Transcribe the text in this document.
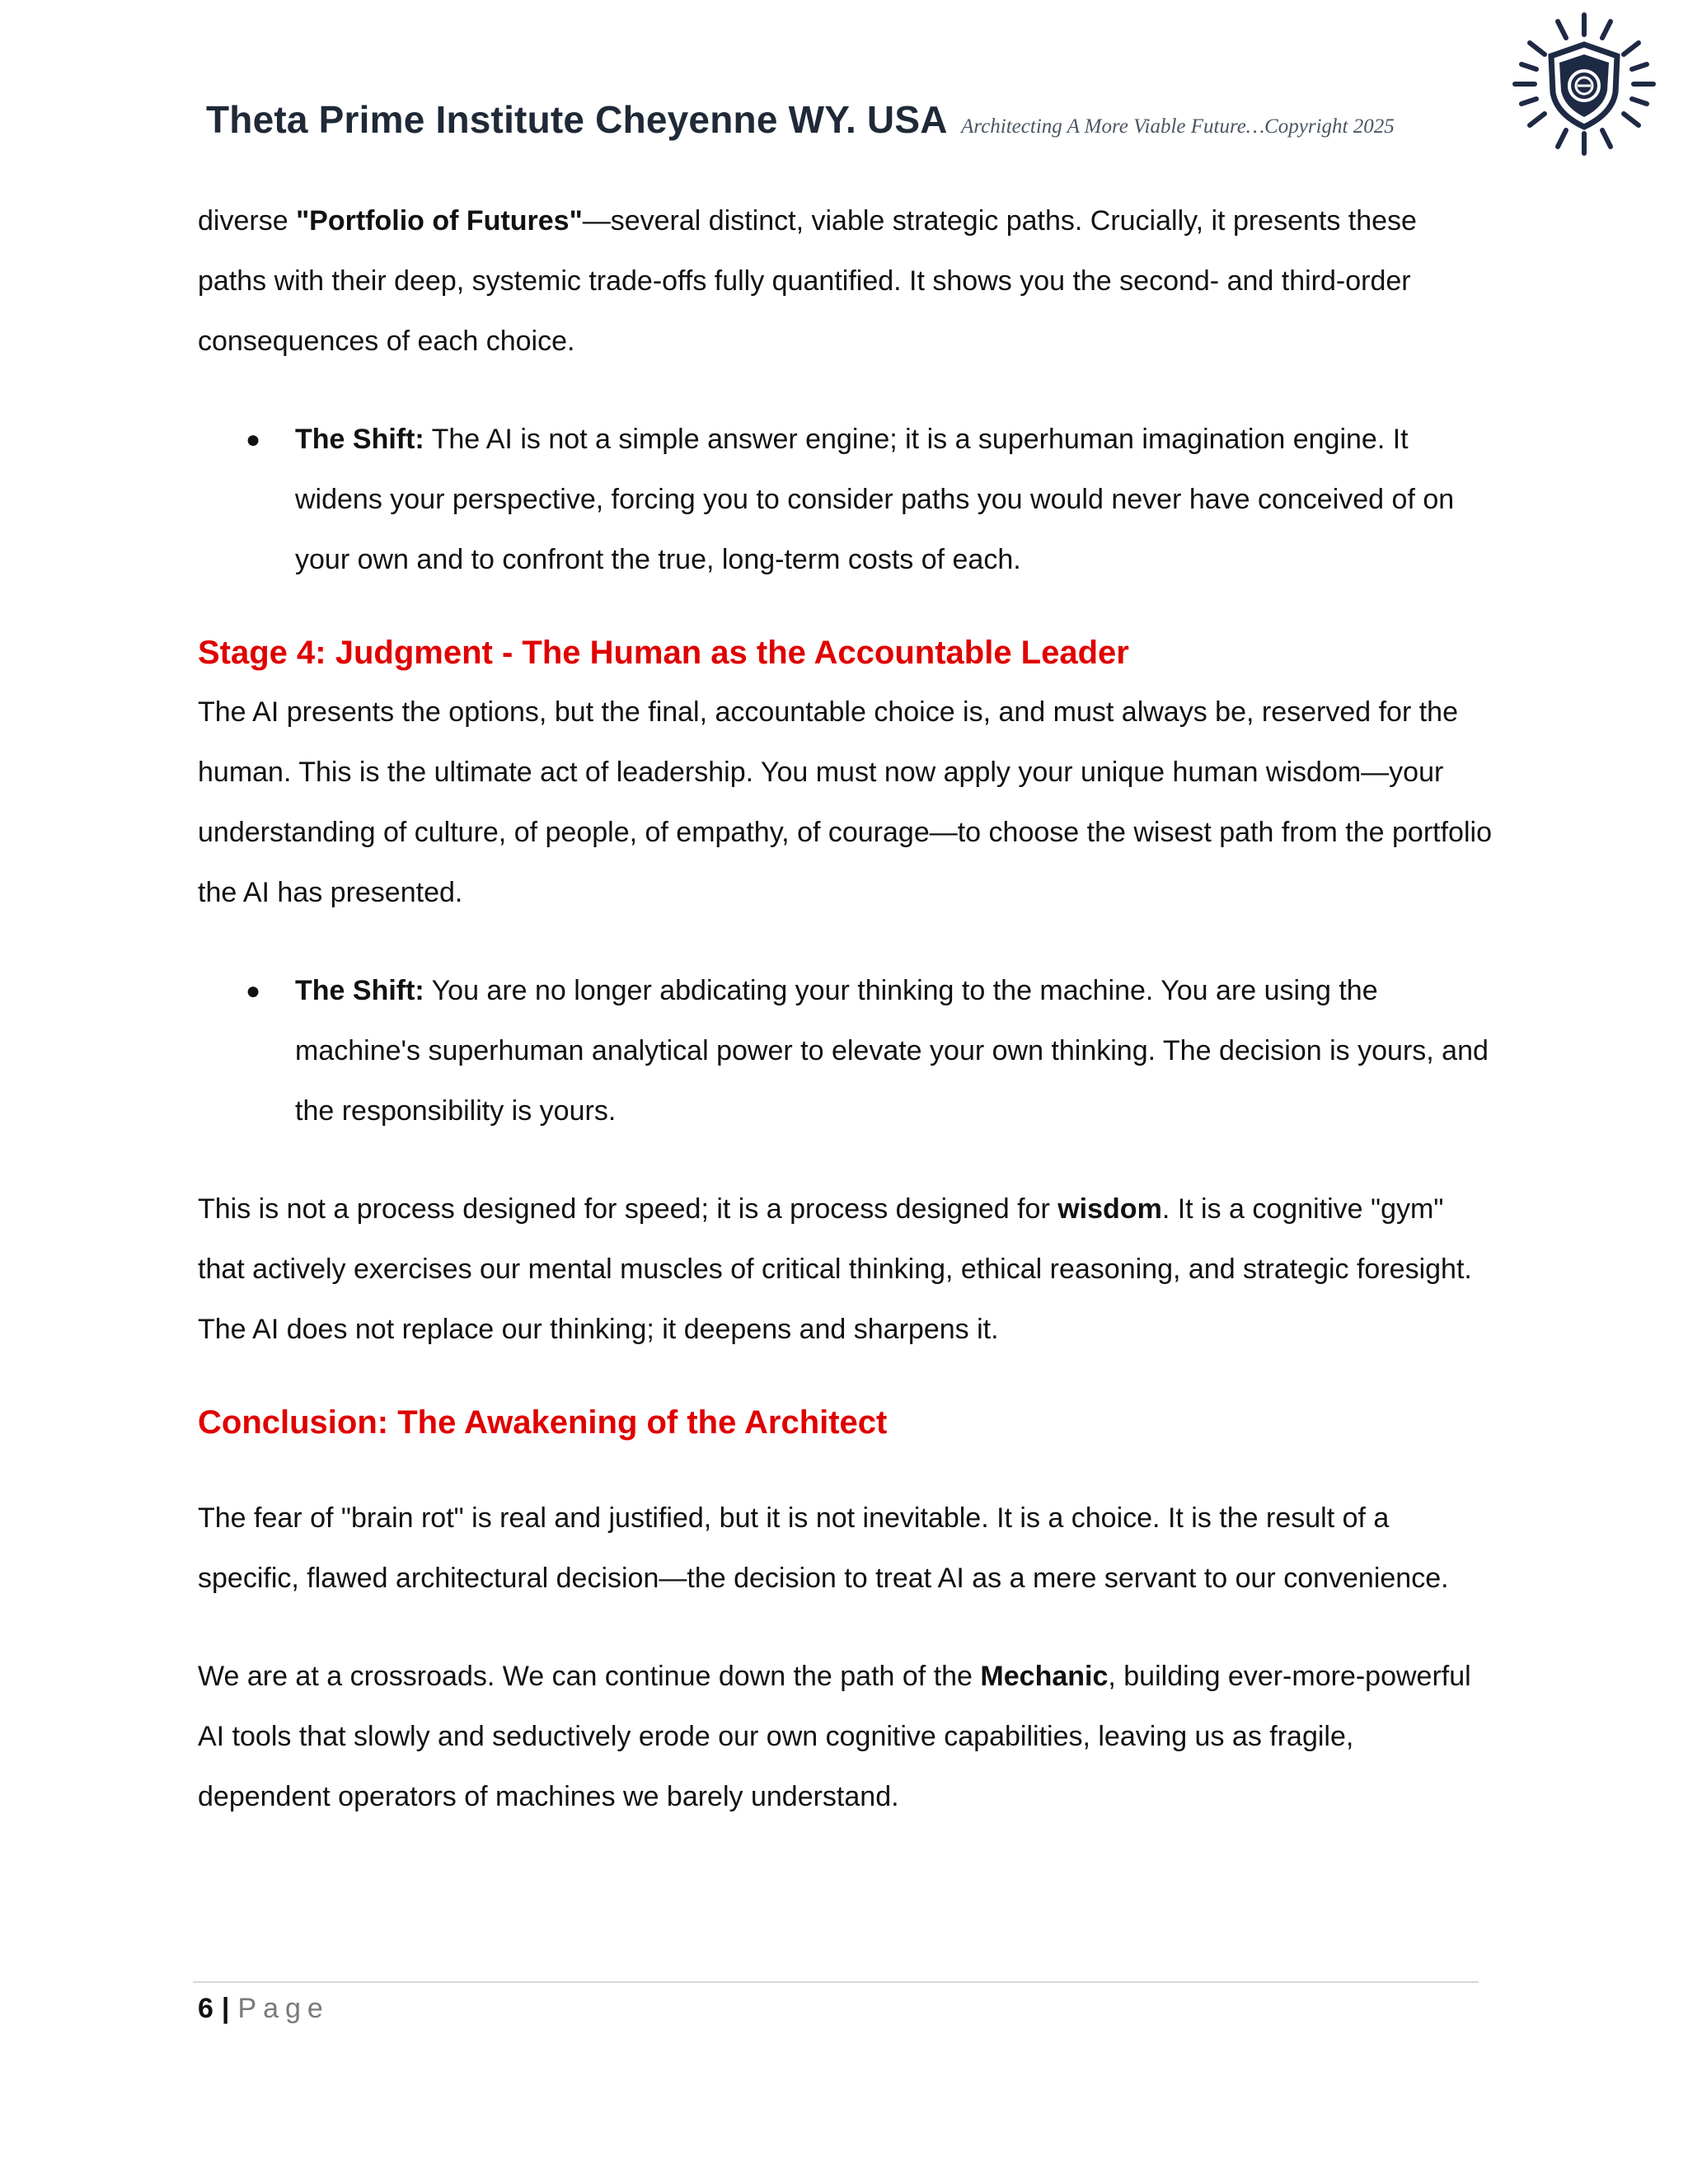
Theta Prime Institute Cheyenne WY. USA Architecting A More Viable Future…Copyright 2025

diverse "Portfolio of Futures"—several distinct, viable strategic paths. Crucially, it presents these paths with their deep, systemic trade-offs fully quantified. It shows you the second- and third-order consequences of each choice.

● The Shift: The AI is not a simple answer engine; it is a superhuman imagination engine. It widens your perspective, forcing you to consider paths you would never have conceived of on your own and to confront the true, long-term costs of each.

Stage 4: Judgment - The Human as the Accountable Leader

The AI presents the options, but the final, accountable choice is, and must always be, reserved for the human. This is the ultimate act of leadership. You must now apply your unique human wisdom—your understanding of culture, of people, of empathy, of courage—to choose the wisest path from the portfolio the AI has presented.

● The Shift: You are no longer abdicating your thinking to the machine. You are using the machine's superhuman analytical power to elevate your own thinking. The decision is yours, and the responsibility is yours.

This is not a process designed for speed; it is a process designed for wisdom. It is a cognitive "gym" that actively exercises our mental muscles of critical thinking, ethical reasoning, and strategic foresight. The AI does not replace our thinking; it deepens and sharpens it.

Conclusion: The Awakening of the Architect

The fear of "brain rot" is real and justified, but it is not inevitable. It is a choice. It is the result of a specific, flawed architectural decision—the decision to treat AI as a mere servant to our convenience.

We are at a crossroads. We can continue down the path of the Mechanic, building ever-more-powerful AI tools that slowly and seductively erode our own cognitive capabilities, leaving us as fragile, dependent operators of machines we barely understand.

6 | Page
